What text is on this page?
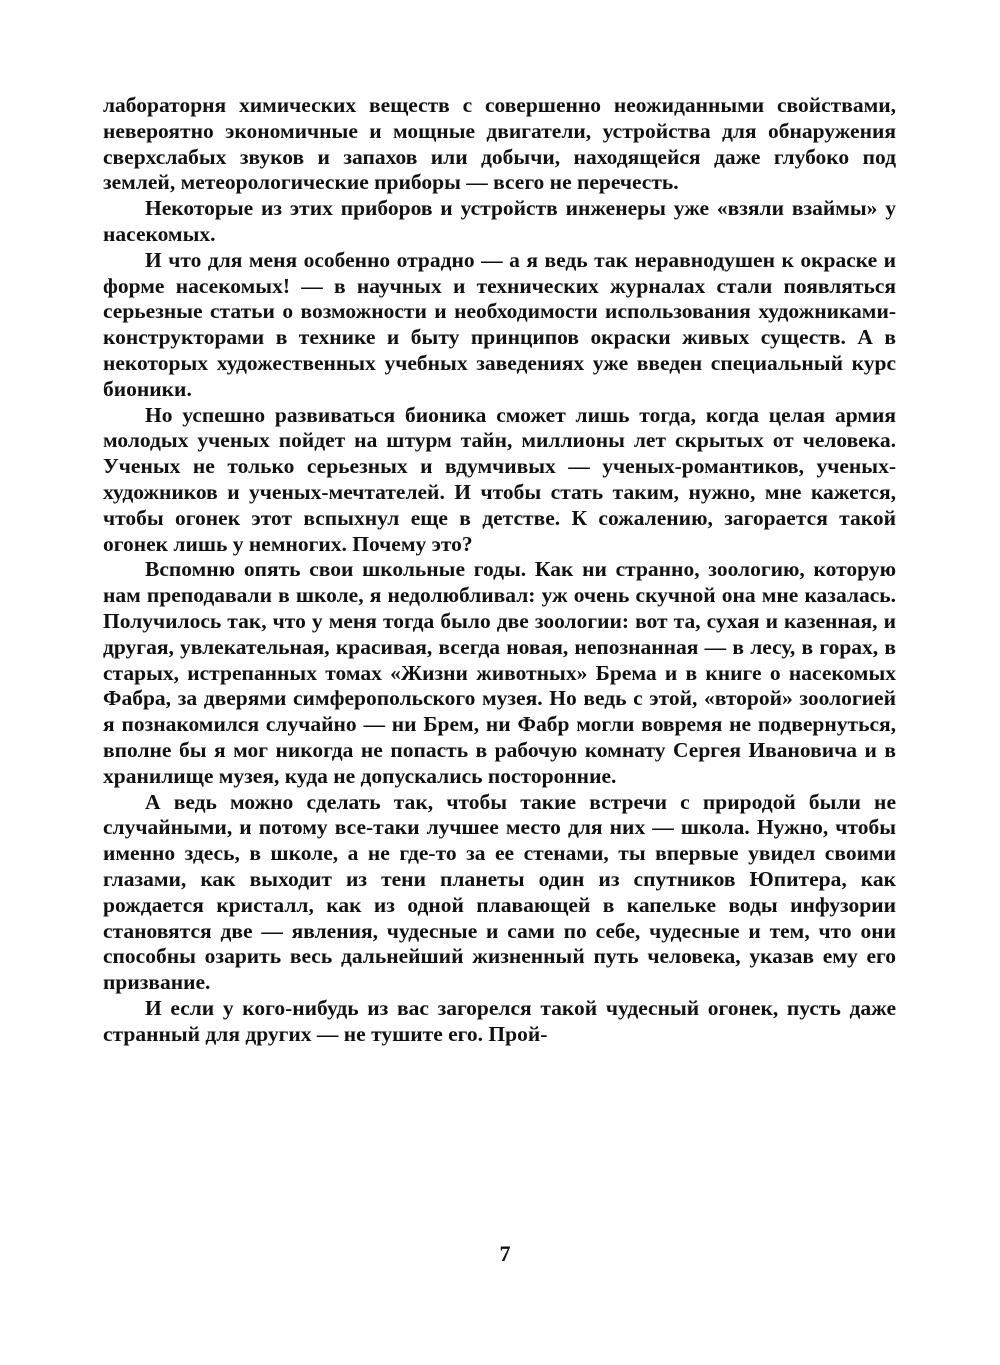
лабораторня химических веществ с совершенно неожиданными свойствами, невероятно экономичные и мощные двигатели, устройства для обнаружения сверхслабых звуков и запахов или добычи, находящейся даже глубоко под землей, метеорологические приборы — всего не перечесть.

Некоторые из этих приборов и устройств инженеры уже «взяли взаймы» у насекомых.

И что для меня особенно отрадно — а я ведь так неравнодушен к окраске и форме насекомых! — в научных и технических журналах стали появляться серьезные статьи о возможности и необходимости использования художниками-конструкторами в технике и быту принципов окраски живых существ. А в некоторых художественных учебных заведениях уже введен специальный курс бионики.

Но успешно развиваться бионика сможет лишь тогда, когда целая армия молодых ученых пойдет на штурм тайн, миллионы лет скрытых от человека. Ученых не только серьезных и вдумчивых — ученых-романтиков, ученых-художников и ученых-мечтателей. И чтобы стать таким, нужно, мне кажется, чтобы огонек этот вспыхнул еще в детстве. К сожалению, загорается такой огонек лишь у немногих. Почему это?

Вспомню опять свои школьные годы. Как ни странно, зоологию, которую нам преподавали в школе, я недолюбливал: уж очень скучной она мне казалась. Получилось так, что у меня тогда было две зоологии: вот та, сухая и казенная, и другая, увлекательная, красивая, всегда новая, непознанная — в лесу, в горах, в старых, истрепанных томах «Жизни животных» Брема и в книге о насекомых Фабра, за дверями симферопольского музея. Но ведь с этой, «второй» зоологией я познакомился случайно — ни Брем, ни Фабр могли вовремя не подвернуться, вполне бы я мог никогда не попасть в рабочую комнату Сергея Ивановича и в хранилище музея, куда не допускались посторонние.

А ведь можно сделать так, чтобы такие встречи с природой были не случайными, и потому все-таки лучшее место для них — школа. Нужно, чтобы именно здесь, в школе, а не где-то за ее стенами, ты впервые увидел своими глазами, как выходит из тени планеты один из спутников Юпитера, как рождается кристалл, как из одной плавающей в капельке воды инфузории становятся две — явления, чудесные и сами по себе, чудесные и тем, что они способны озарить весь дальнейший жизненный путь человека, указав ему его призвание.

И если у кого-нибудь из вас загорелся такой чудесный огонек, пусть даже странный для других — не тушите его. Прой-

7
